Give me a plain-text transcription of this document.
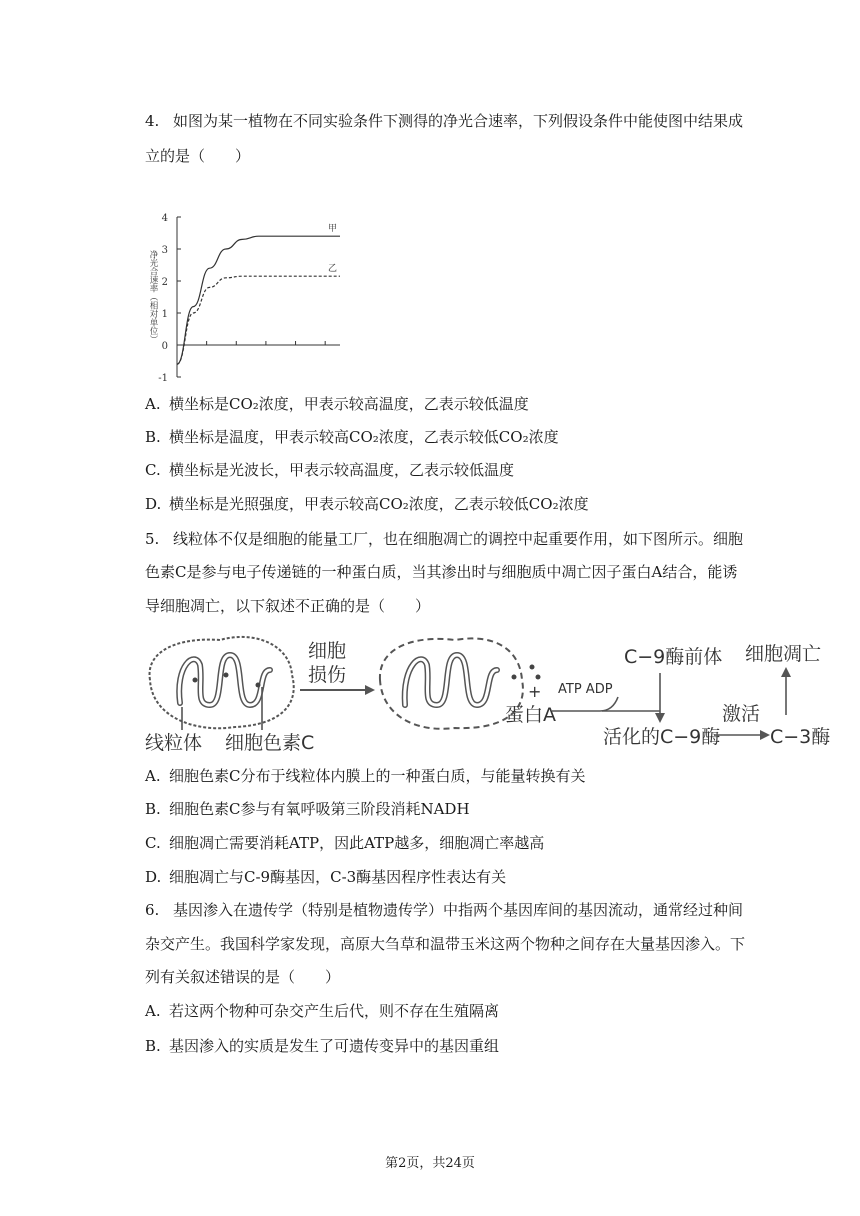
4. 如图为某一植物在不同实验条件下测得的净光合速率，下列假设条件中能使图中结果成
立的是（　　）
4
3
2
1
0
-1
净光合速率（相对单位）
甲
乙
A. 横坐标是CO₂浓度，甲表示较高温度，乙表示较低温度
B. 横坐标是温度，甲表示较高CO₂浓度，乙表示较低CO₂浓度
C. 横坐标是光波长，甲表示较高温度，乙表示较低温度
D. 横坐标是光照强度，甲表示较高CO₂浓度，乙表示较低CO₂浓度
5. 线粒体不仅是细胞的能量工厂，也在细胞凋亡的调控中起重要作用，如下图所示。细胞
色素C是参与电子传递链的一种蛋白质，当其渗出时与细胞质中凋亡因子蛋白A结合，能诱
导细胞凋亡，以下叙述不正确的是（　　）
细胞
损伤
+
蛋白A
ATP ADP
C−9酶前体 细胞凋亡
活化的C−9酶
激活
C−3酶
线粒体 细胞色素C
A. 细胞色素C分布于线粒体内膜上的一种蛋白质，与能量转换有关
B. 细胞色素C参与有氧呼吸第三阶段消耗NADH
C. 细胞凋亡需要消耗ATP，因此ATP越多，细胞凋亡率越高
D. 细胞凋亡与C-9酶基因，C-3酶基因程序性表达有关
6. 基因渗入在遗传学（特别是植物遗传学）中指两个基因库间的基因流动，通常经过种间
杂交产生。我国科学家发现，高原大刍草和温带玉米这两个物种之间存在大量基因渗入。下
列有关叙述错误的是（　　）
A. 若这两个物种可杂交产生后代，则不存在生殖隔离
B. 基因渗入的实质是发生了可遗传变异中的基因重组
第2页，共24页
